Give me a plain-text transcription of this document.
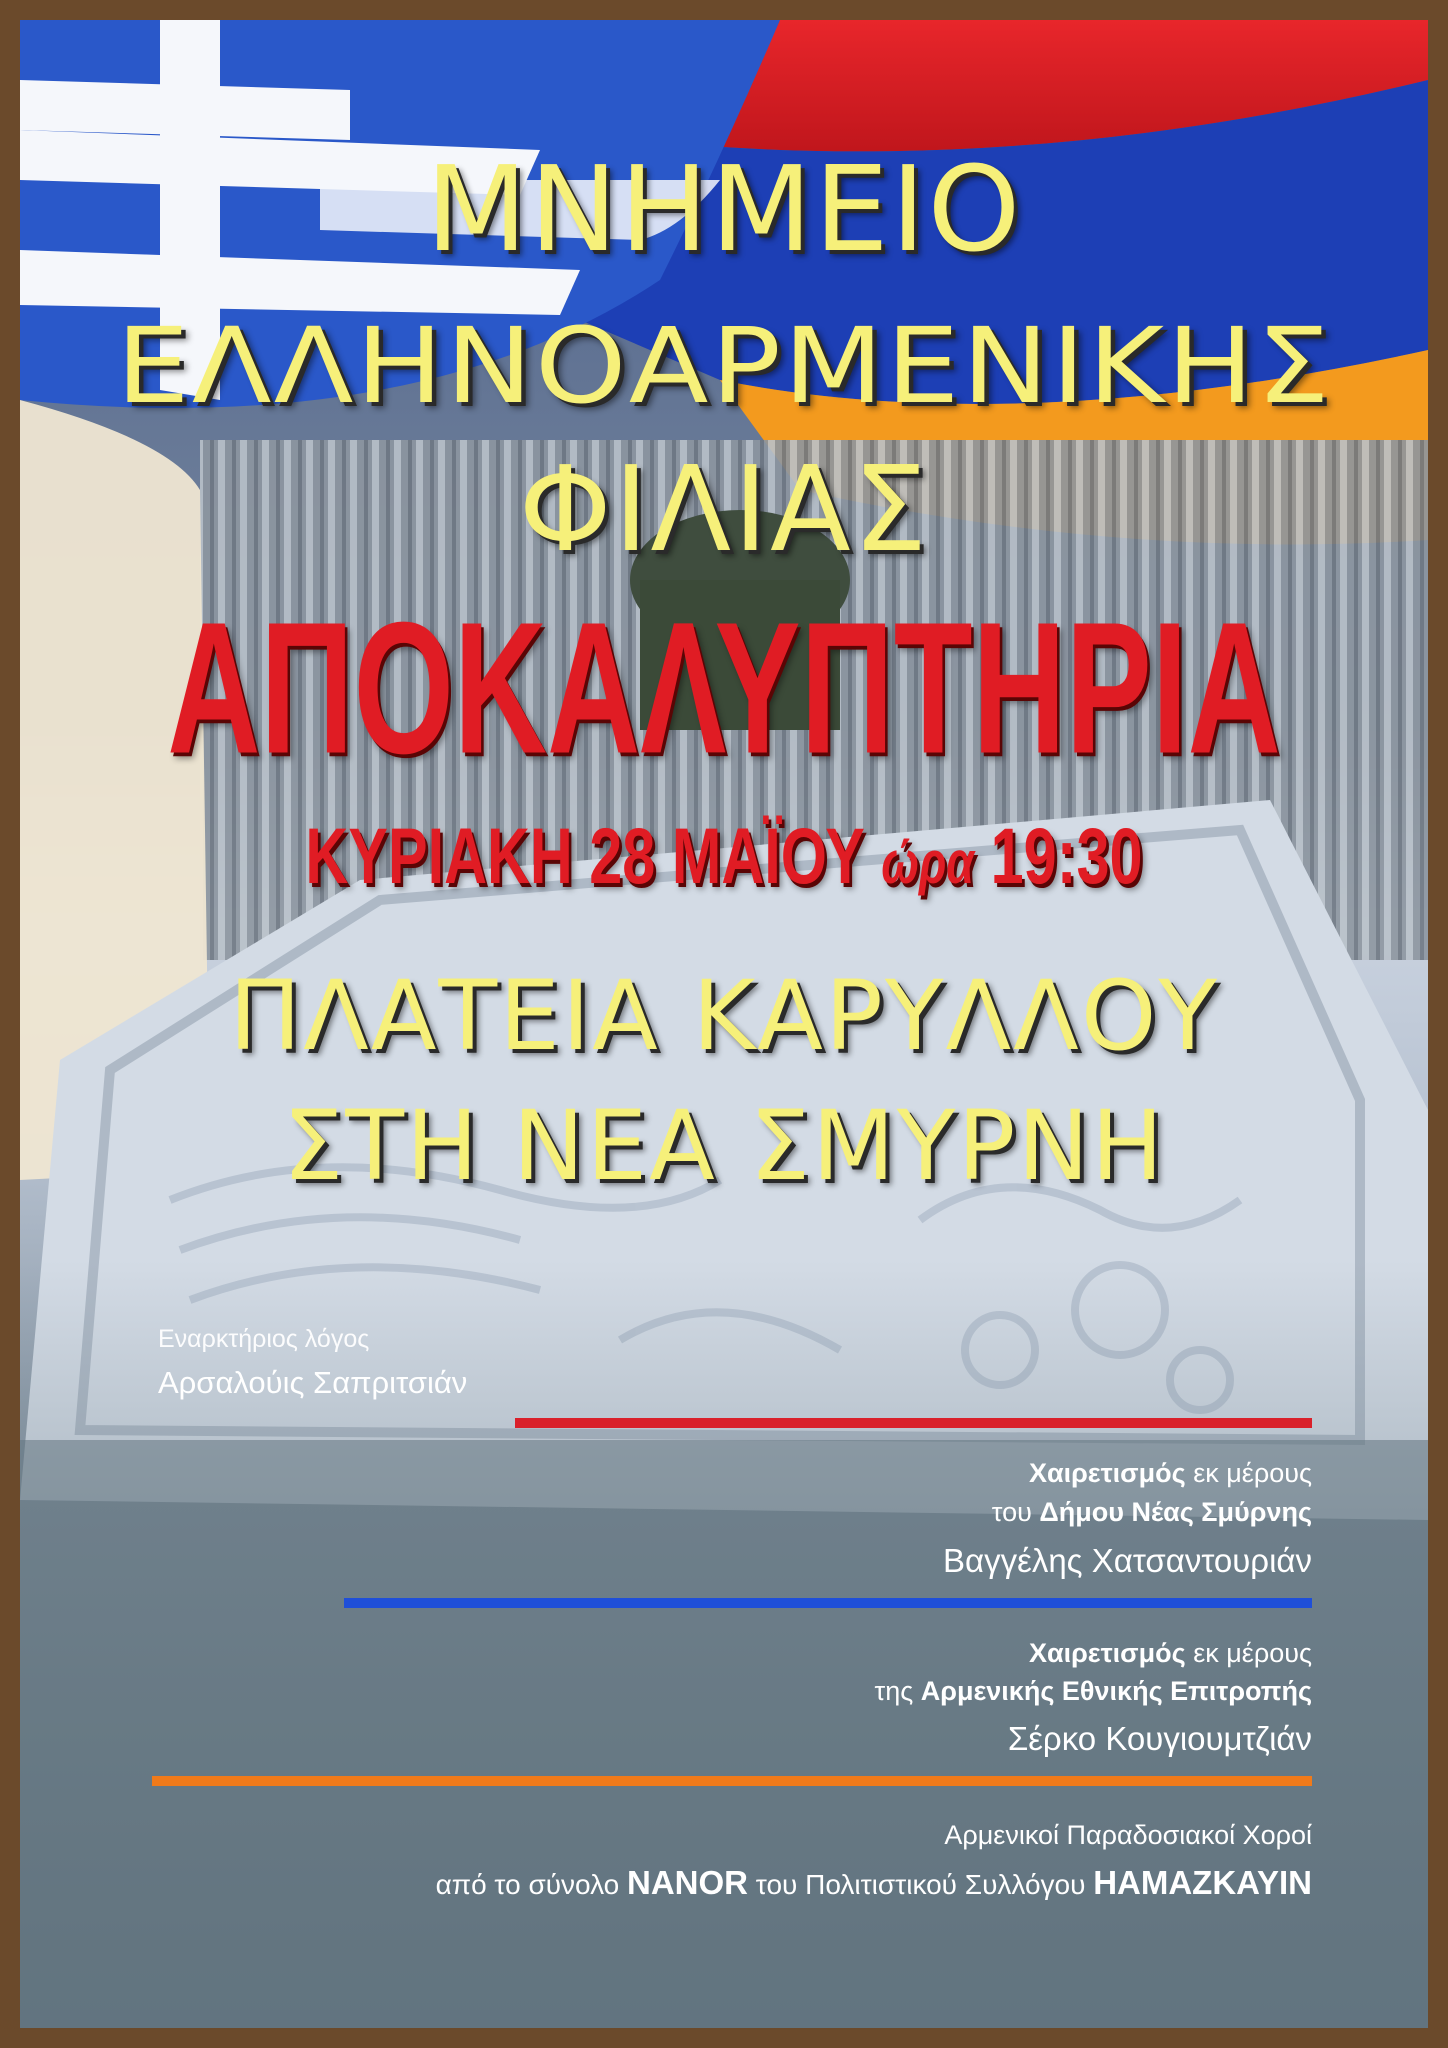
ΜΝΗΜΕΙΟ
ΕΛΛΗΝΟΑΡΜΕΝΙΚΗΣ
ΦΙΛΙΑΣ
ΑΠΟΚΑΛΥΠΤΗΡΙΑ
ΚΥΡΙΑΚΗ 28 ΜΑΪΟΥ ώρα 19:30
ΠΛΑΤΕΙΑ ΚΑΡΥΛΛΟΥ
ΣΤΗ ΝΕΑ ΣΜΥΡΝΗ
Εναρκτήριος λόγος
Αρσαλούις Σαπριτσιάν
Χαιρετισμός εκ μέρους
του Δήμου Νέας Σμύρνης
Βαγγέλης Χατσαντουριάν
Χαιρετισμός εκ μέρους
της Αρμενικής Εθνικής Επιτροπής
Σέρκο Κουγιουμτζιάν
Αρμενικοί Παραδοσιακοί Χοροί
από το σύνολο NANOR του Πολιτιστικού Συλλόγου HAMAZKAYIN
